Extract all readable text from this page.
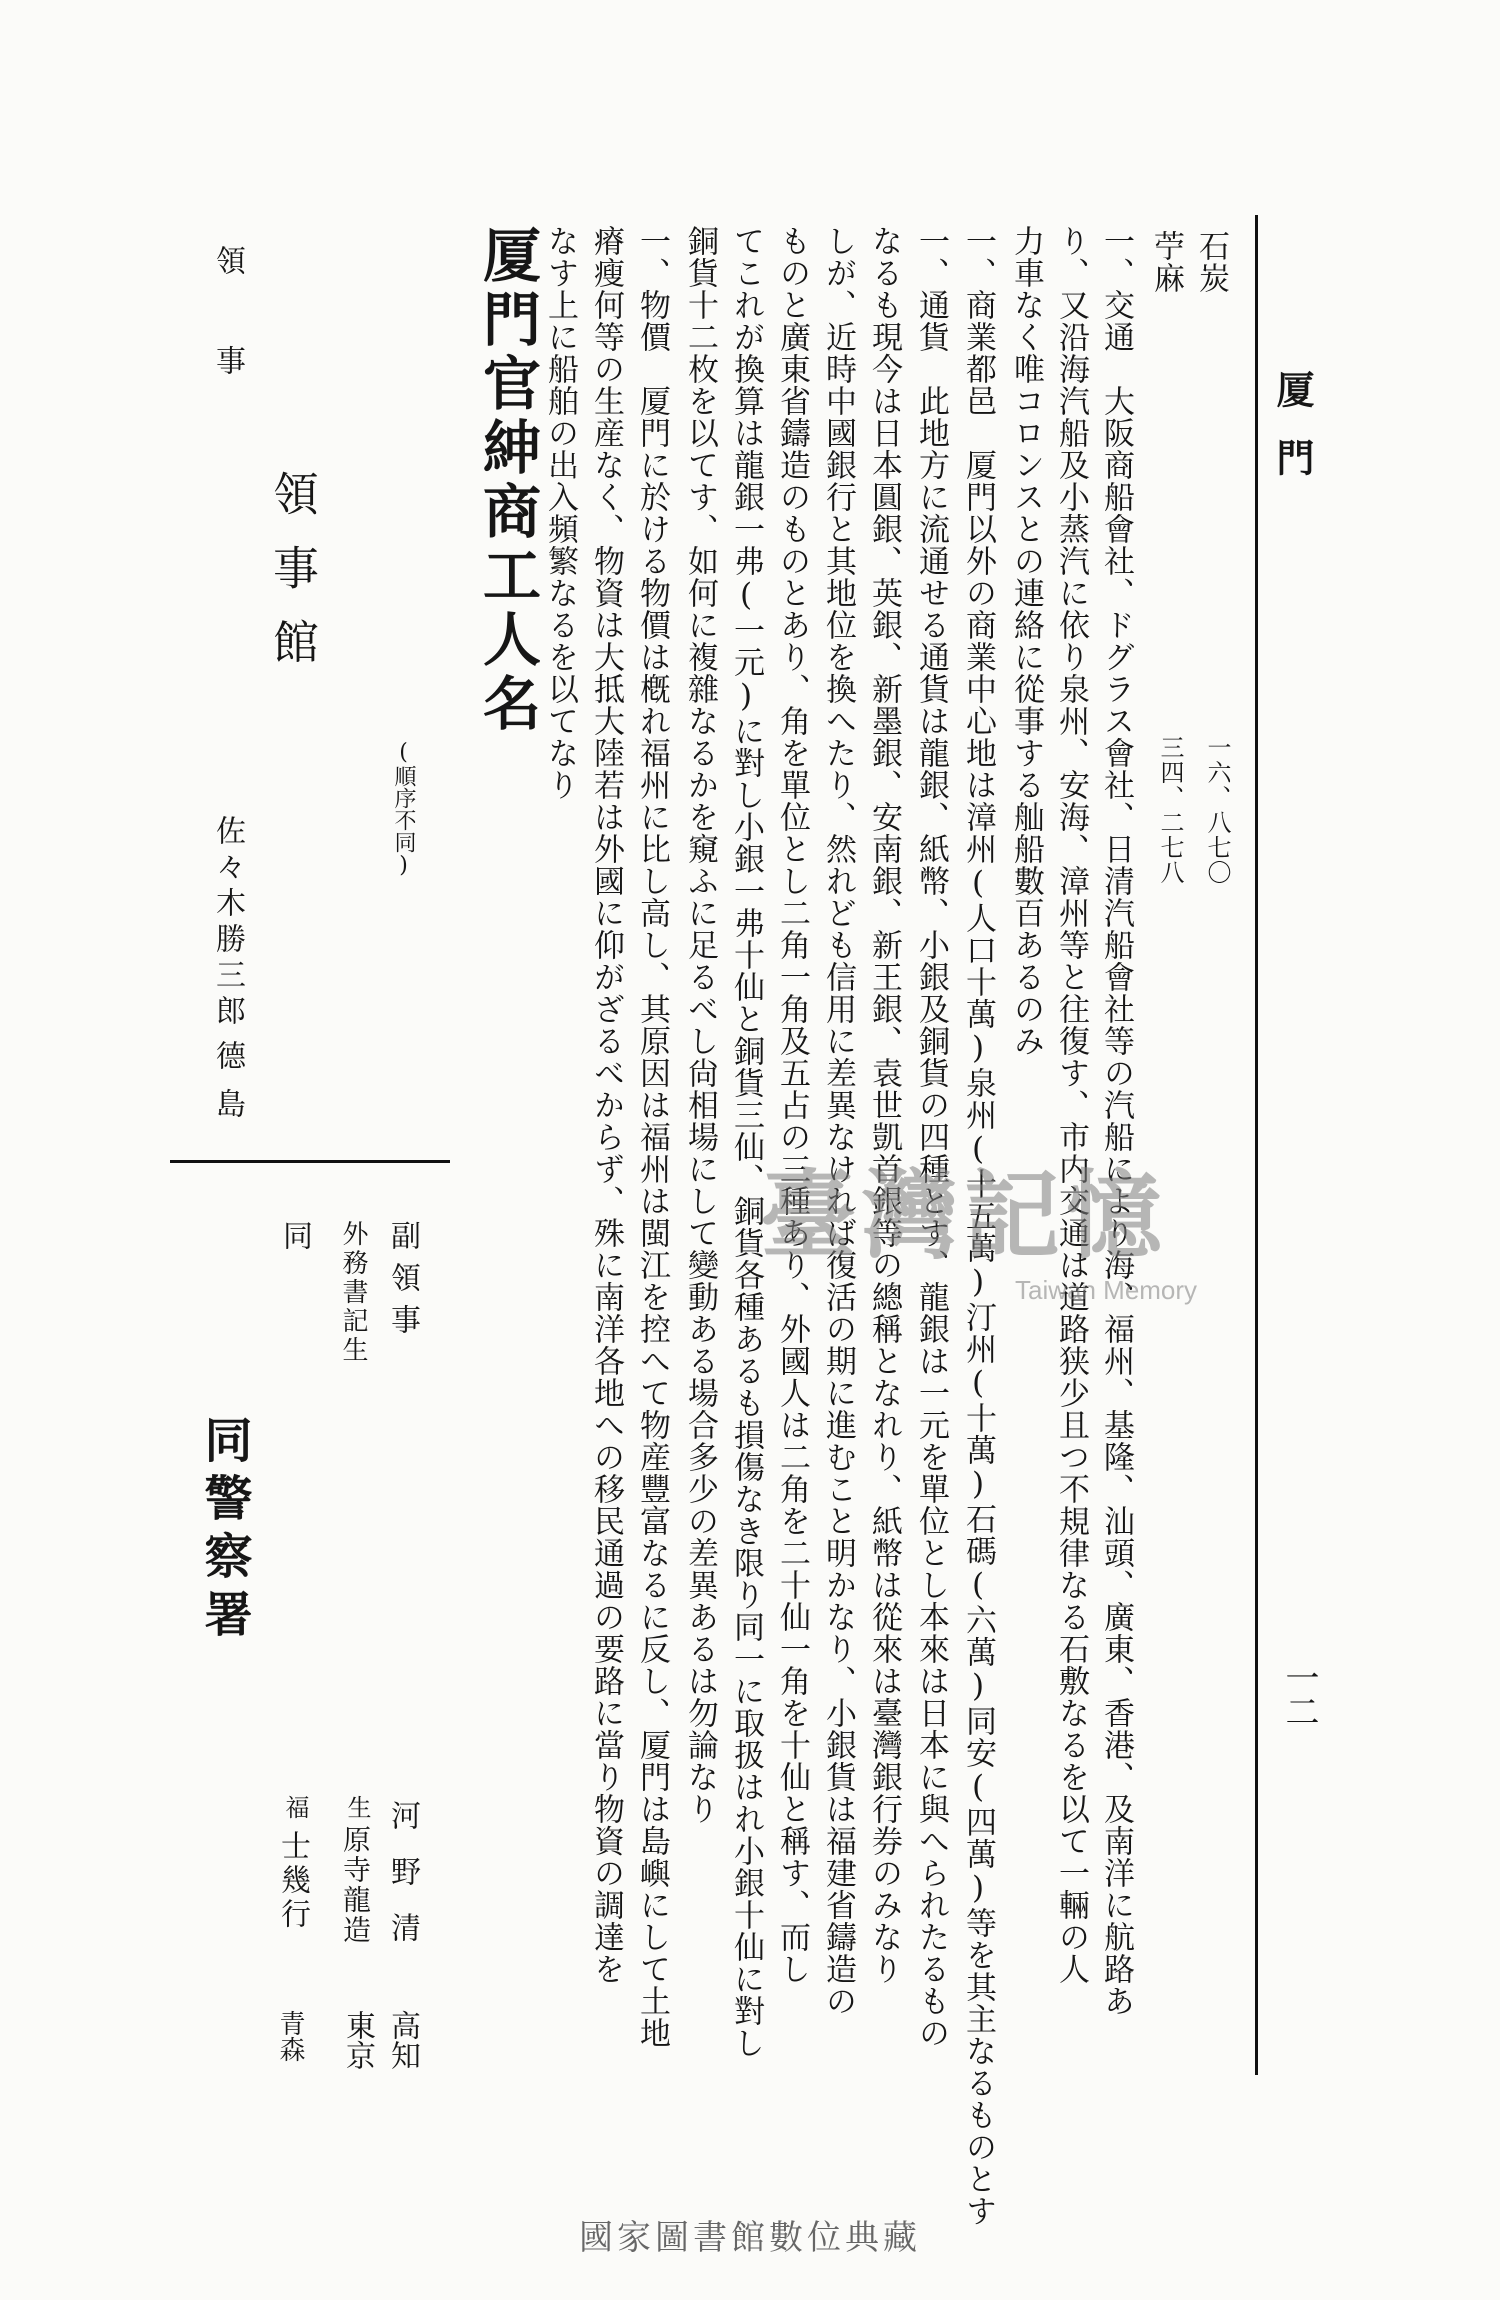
厦門
一二
石炭
一六、八七〇
苧麻
三四、二七八
一、交通　大阪商船會社、ドグラス會社、日清汽船會社等の汽船により海、福州、基隆、汕頭、廣東、香港、及南洋に航路あ
り、又沿海汽船及小蒸汽に依り泉州、安海、漳州等と往復す、市内交通は道路狭少且つ不規律なる石敷なるを以て一輛の人
力車なく唯コロンスとの連絡に從事する舢船數百あるのみ
一、商業都邑　厦門以外の商業中心地は漳州(人口十萬)泉州(十五萬)汀州(十萬)石碼(六萬)同安(四萬)等を其主なるものとす
一、通貨　此地方に流通せる通貨は龍銀、紙幣、小銀及銅貨の四種とす、龍銀は一元を單位とし本來は日本に與へられたるもの
なるも現今は日本圓銀、英銀、新墨銀、安南銀、新王銀、袁世凱首銀等の總稱となれり、紙幣は從來は臺灣銀行券のみなり
しが、近時中國銀行と其地位を換へたり、然れども信用に差異なければ復活の期に進むこと明かなり、小銀貨は福建省鑄造の
ものと廣東省鑄造のものとあり、角を單位とし二角一角及五占の三種あり、外國人は二角を二十仙一角を十仙と稱す、而し
てこれが換算は龍銀一弗(一元)に對し小銀一弗十仙と銅貨三仙、銅貨各種あるも損傷なき限り同一に取扱はれ小銀十仙に對し
銅貨十二枚を以てす、如何に複雜なるかを窺ふに足るべし尙相場にして變動ある場合多少の差異あるは勿論なり
一、物價　厦門に於ける物價は槪れ福州に比し高し、其原因は福州は閩江を控へて物産豐富なるに反し、厦門は島嶼にして土地
瘠瘦何等の生産なく、物資は大抵大陸若は外國に仰がざるべからず、殊に南洋各地への移民通過の要路に當り物資の調達を
なす上に船舶の出入頻繁なるを以てなり
厦門官紳商工人名
(順序不同)
領事館
領事
佐々木勝三郎
德島
副領事
河野清
高知
外務書記生
生
原寺龍造
東京
同
福
士幾行
青森
同警察署
臺灣記憶
Taiwan Memory
國家圖書館數位典藏
